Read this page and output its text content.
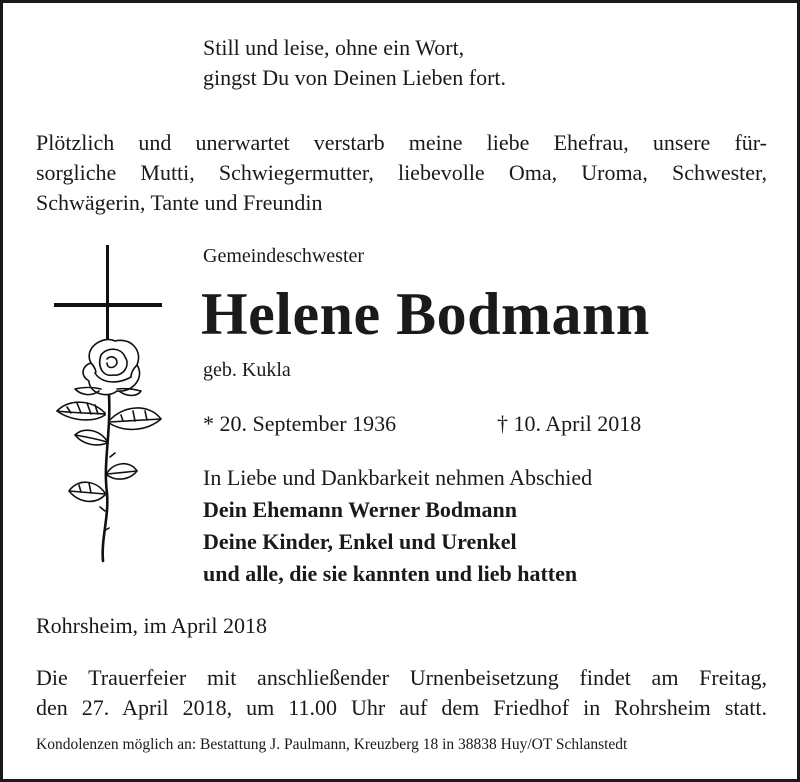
Still und leise, ohne ein Wort,
gingst Du von Deinen Lieben fort.
Plötzlich und unerwartet verstarb meine liebe Ehefrau, unsere für-
sorgliche Mutti, Schwiegermutter, liebevolle Oma, Uroma, Schwester,
Schwägerin, Tante und Freundin
Gemeindeschwester
Helene Bodmann
geb. Kukla
* 20. September 1936	† 10. April 2018
In Liebe und Dankbarkeit nehmen Abschied
Dein Ehemann Werner Bodmann
Deine Kinder, Enkel und Urenkel
und alle, die sie kannten und lieb hatten
Rohrsheim, im April 2018
Die Trauerfeier mit anschließender Urnenbeisetzung findet am Freitag,
den 27. April 2018, um 11.00 Uhr auf dem Friedhof in Rohrsheim statt.
Kondolenzen möglich an: Bestattung J. Paulmann, Kreuzberg 18 in 38838 Huy/OT Schlanstedt
